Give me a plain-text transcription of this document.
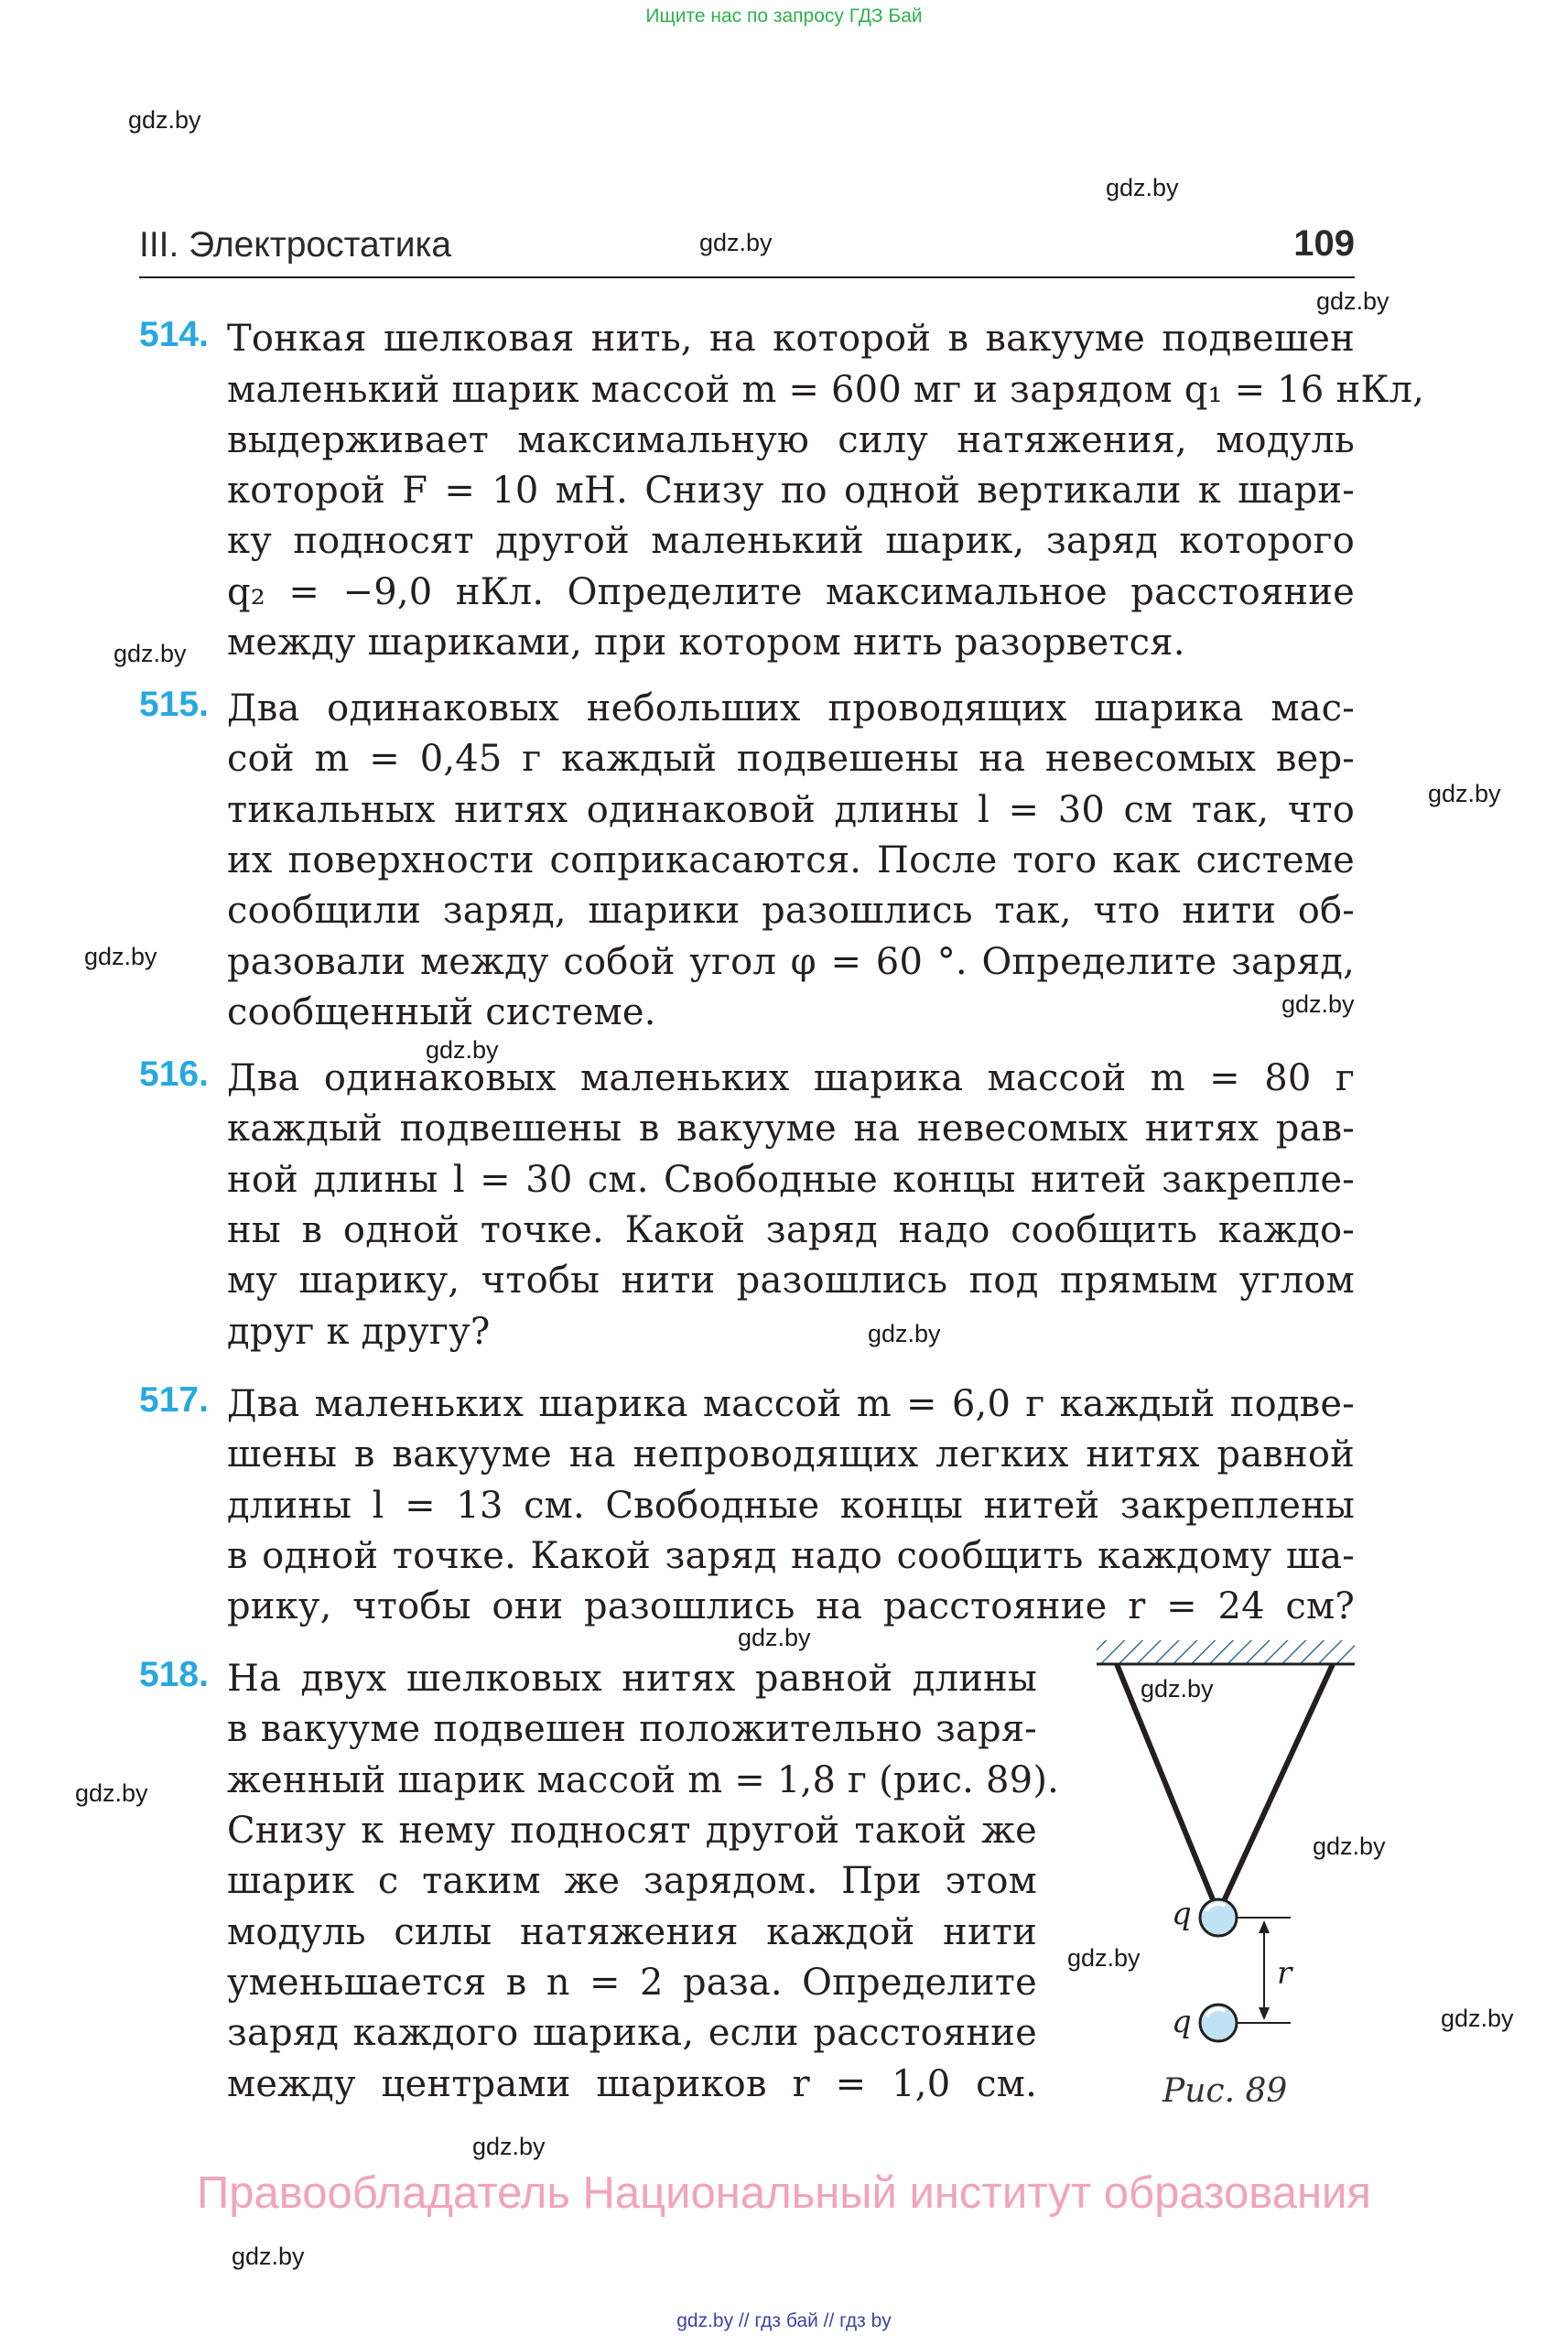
Ищите нас по запросу ГДЗ Бай
gdz.by
gdz.by
gdz.by
gdz.by
gdz.by
gdz.by
gdz.by
gdz.by
gdz.by
gdz.by
gdz.by
gdz.by
gdz.by
gdz.by
gdz.by
gdz.by
gdz.by
gdz.by
III. Электростатика	109
514. Тонкая шелковая нить, на которой в вакууме подвешен
маленький шарик массой m = 600 мг и зарядом q₁ = 16 нКл,
выдерживает максимальную силу натяжения, модуль
которой F = 10 мН. Снизу по одной вертикали к шари-
ку подносят другой маленький шарик, заряд которого
q₂ = −9,0 нКл. Определите максимальное расстояние
между шариками, при котором нить разорвется.
515. Два одинаковых небольших проводящих шарика мас-
сой m = 0,45 г каждый подвешены на невесомых вер-
тикальных нитях одинаковой длины l = 30 см так, что
их поверхности соприкасаются. После того как системе
сообщили заряд, шарики разошлись так, что нити об-
разовали между собой угол φ = 60 °. Определите заряд,
сообщенный системе.
516. Два одинаковых маленьких шарика массой m = 80 г
каждый подвешены в вакууме на невесомых нитях рав-
ной длины l = 30 см. Свободные концы нитей закрепле-
ны в одной точке. Какой заряд надо сообщить каждо-
му шарику, чтобы нити разошлись под прямым углом
друг к другу?
517. Два маленьких шарика массой m = 6,0 г каждый подве-
шены в вакууме на непроводящих легких нитях равной
длины l = 13 см. Свободные концы нитей закреплены
в одной точке. Какой заряд надо сообщить каждому ша-
рику, чтобы они разошлись на расстояние r = 24 см?
518. На двух шелковых нитях равной длины
в вакууме подвешен положительно заря-
женный шарик массой m = 1,8 г (рис. 89).
Снизу к нему подносят другой такой же
шарик с таким же зарядом. При этом
модуль силы натяжения каждой нити
уменьшается в n = 2 раза. Определите
заряд каждого шарика, если расстояние
между центрами шариков r = 1,0 см.
q
q
r
Рис. 89
Правообладатель Национальный институт образования
gdz.by // гдз бай // гдз by
